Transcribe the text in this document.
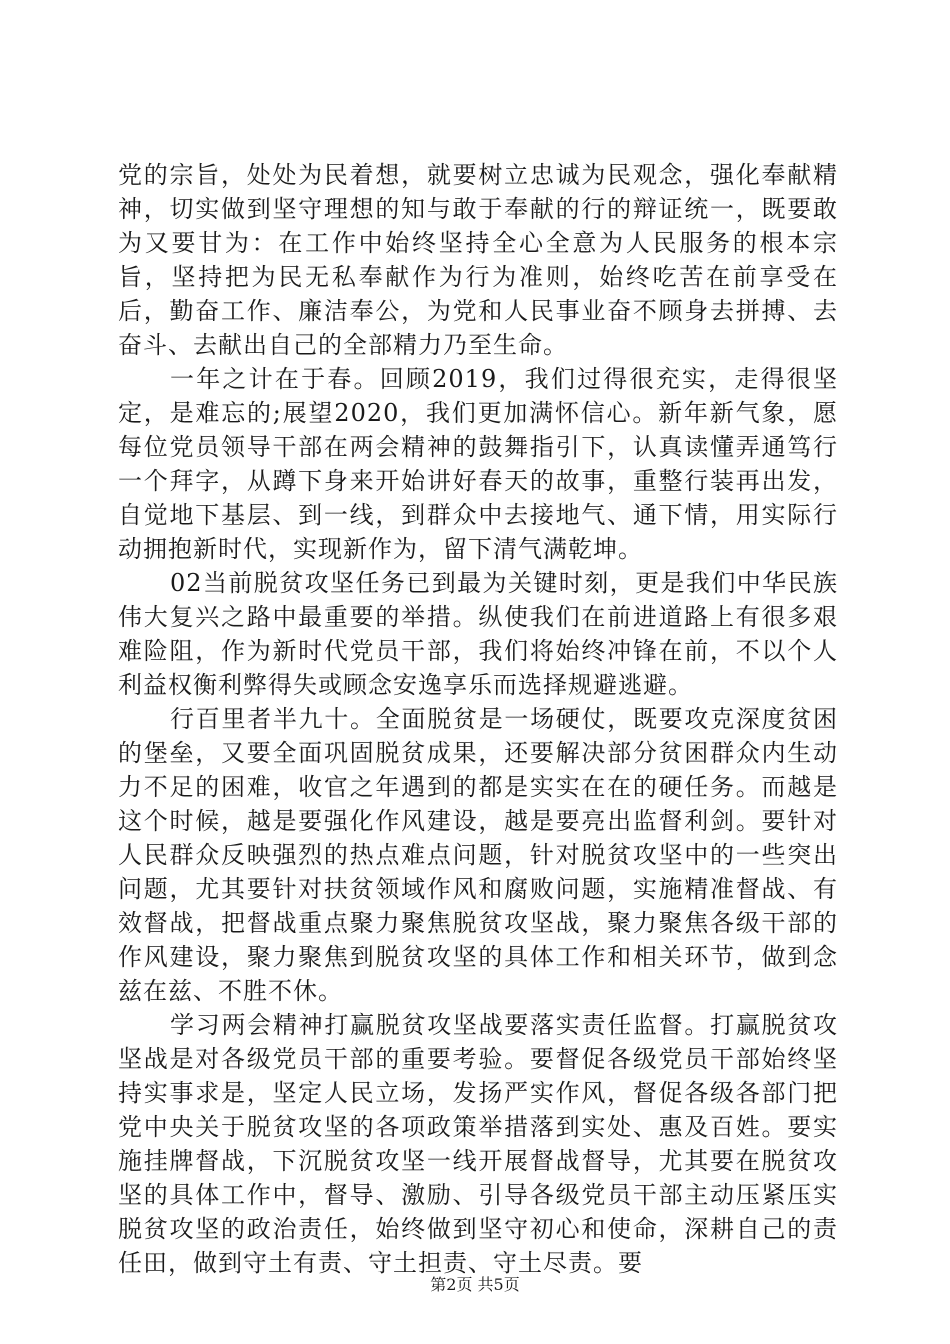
党的宗旨，处处为民着想，就要树立忠诚为民观念，强化奉献精神，切实做到坚守理想的知与敢于奉献的行的辩证统一，既要敢为又要甘为：在工作中始终坚持全心全意为人民服务的根本宗旨，坚持把为民无私奉献作为行为准则，始终吃苦在前享受在后，勤奋工作、廉洁奉公，为党和人民事业奋不顾身去拼搏、去奋斗、去献出自己的全部精力乃至生命。

一年之计在于春。回顾2019，我们过得很充实，走得很坚定，是难忘的;展望2020，我们更加满怀信心。新年新气象，愿每位党员领导干部在两会精神的鼓舞指引下，认真读懂弄通笃行一个拜字，从蹲下身来开始讲好春天的故事，重整行装再出发，自觉地下基层、到一线，到群众中去接地气、通下情，用实际行动拥抱新时代，实现新作为，留下清气满乾坤。

02当前脱贫攻坚任务已到最为关键时刻，更是我们中华民族伟大复兴之路中最重要的举措。纵使我们在前进道路上有很多艰难险阻，作为新时代党员干部，我们将始终冲锋在前，不以个人利益权衡利弊得失或顾念安逸享乐而选择规避逃避。

行百里者半九十。全面脱贫是一场硬仗，既要攻克深度贫困的堡垒，又要全面巩固脱贫成果，还要解决部分贫困群众内生动力不足的困难，收官之年遇到的都是实实在在的硬任务。而越是这个时候，越是要强化作风建设，越是要亮出监督利剑。要针对人民群众反映强烈的热点难点问题，针对脱贫攻坚中的一些突出问题，尤其要针对扶贫领域作风和腐败问题，实施精准督战、有效督战，把督战重点聚力聚焦脱贫攻坚战，聚力聚焦各级干部的作风建设，聚力聚焦到脱贫攻坚的具体工作和相关环节，做到念兹在兹、不胜不休。

学习两会精神打赢脱贫攻坚战要落实责任监督。打赢脱贫攻坚战是对各级党员干部的重要考验。要督促各级党员干部始终坚持实事求是，坚定人民立场，发扬严实作风，督促各级各部门把党中央关于脱贫攻坚的各项政策举措落到实处、惠及百姓。要实施挂牌督战，下沉脱贫攻坚一线开展督战督导，尤其要在脱贫攻坚的具体工作中，督导、激励、引导各级党员干部主动压紧压实脱贫攻坚的政治责任，始终做到坚守初心和使命，深耕自己的责任田，做到守土有责、守土担责、守土尽责。要

第2页 共5页
